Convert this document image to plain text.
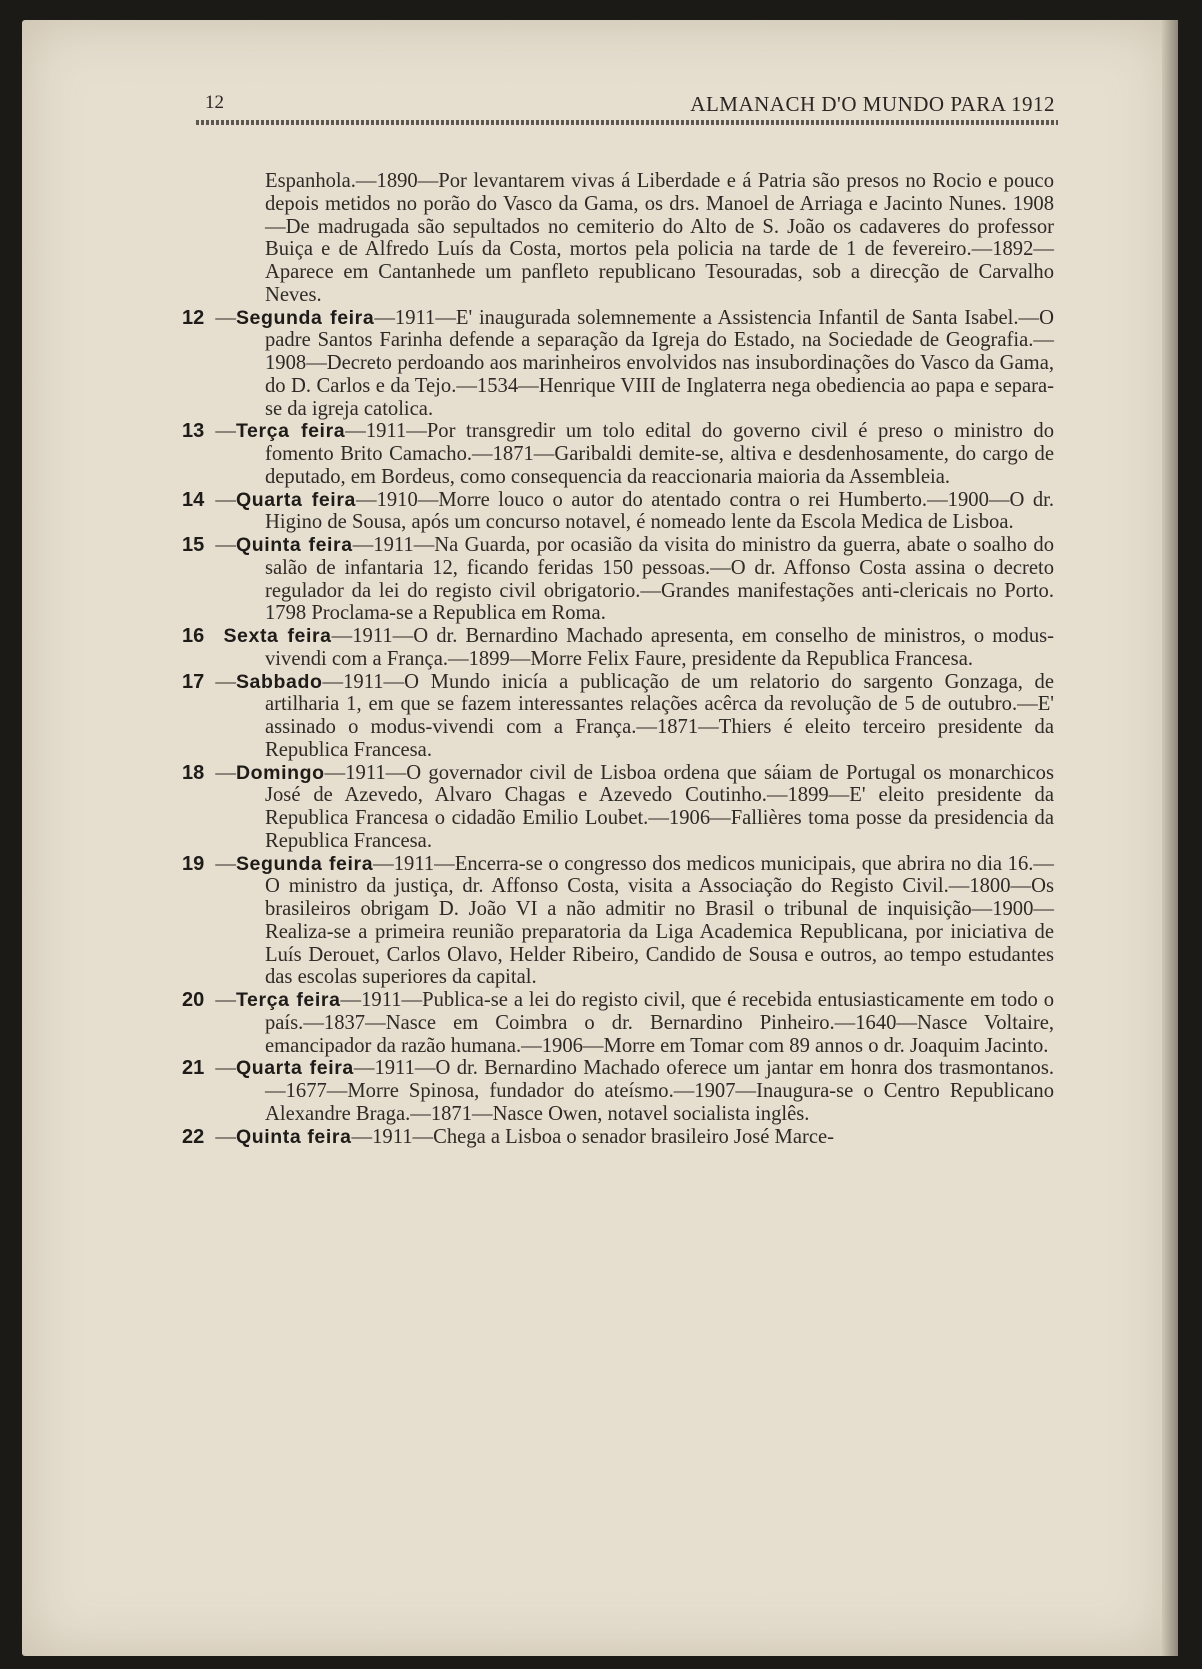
12	ALMANACH D'O MUNDO PARA 1912

Espanhola.—1890—Por levantarem vivas á Liberdade e á Patria são presos no Rocio e pouco depois metidos no porão do Vasco da Gama, os drs. Manoel de Arriaga e Jacinto Nunes. 1908—De madrugada são sepultados no cemiterio do Alto de S. João os cadaveres do professor Buiça e de Alfredo Luís da Costa, mortos pela policia na tarde de 1 de fevereiro.—1892—Aparece em Cantanhede um panfleto republicano Tesouradas, sob a direcção de Carvalho Neves.

12 —Segunda feira—1911—E' inaugurada solemnemente a Assistencia Infantil de Santa Isabel.—O padre Santos Farinha defende a separação da Igreja do Estado, na Sociedade de Geografia.—1908—Decreto perdoando aos marinheiros envolvidos nas insubordinações do Vasco da Gama, do D. Carlos e da Tejo.—1534—Henrique VIII de Inglaterra nega obediencia ao papa e separa-se da igreja catolica.

13 —Terça feira—1911—Por transgredir um tolo edital do governo civil é preso o ministro do fomento Brito Camacho.—1871—Garibaldi demite-se, altiva e desdenhosamente, do cargo de deputado, em Bordeus, como consequencia da reaccionaria maioria da Assembleia.

14 —Quarta feira—1910—Morre louco o autor do atentado contra o rei Humberto.—1900—O dr. Higino de Sousa, após um concurso notavel, é nomeado lente da Escola Medica de Lisboa.

15 —Quinta feira—1911—Na Guarda, por ocasião da visita do ministro da guerra, abate o soalho do salão de infantaria 12, ficando feridas 150 pessoas.—O dr. Affonso Costa assina o decreto regulador da lei do registo civil obrigatorio.—Grandes manifestações anti-clericais no Porto. 1798 Proclama-se a Republica em Roma.

16 Sexta feira—1911—O dr. Bernardino Machado apresenta, em conselho de ministros, o modus-vivendi com a França.—1899—Morre Felix Faure, presidente da Republica Francesa.

17 —Sabbado—1911—O Mundo inicía a publicação de um relatorio do sargento Gonzaga, de artilharia 1, em que se fazem interessantes relações acêrca da revolução de 5 de outubro.—E' assinado o modus-vivendi com a França.—1871—Thiers é eleito terceiro presidente da Republica Francesa.

18 —Domingo—1911—O governador civil de Lisboa ordena que sáiam de Portugal os monarchicos José de Azevedo, Alvaro Chagas e Azevedo Coutinho.—1899—E' eleito presidente da Republica Francesa o cidadão Emilio Loubet.—1906—Fallières toma posse da presidencia da Republica Francesa.

19 —Segunda feira—1911—Encerra-se o congresso dos medicos municipais, que abrira no dia 16.—O ministro da justiça, dr. Affonso Costa, visita a Associação do Registo Civil.—1800—Os brasileiros obrigam D. João VI a não admitir no Brasil o tribunal de inquisição—1900—Realiza-se a primeira reunião preparatoria da Liga Academica Republicana, por iniciativa de Luís Derouet, Carlos Olavo, Helder Ribeiro, Candido de Sousa e outros, ao tempo estudantes das escolas superiores da capital.

20 —Terça feira—1911—Publica-se a lei do registo civil, que é recebida entusiasticamente em todo o país.—1837—Nasce em Coimbra o dr. Bernardino Pinheiro.—1640—Nasce Voltaire, emancipador da razão humana.—1906—Morre em Tomar com 89 annos o dr. Joaquim Jacinto.

21 —Quarta feira—1911—O dr. Bernardino Machado oferece um jantar em honra dos trasmontanos.—1677—Morre Spinosa, fundador do ateísmo.—1907—Inaugura-se o Centro Republicano Alexandre Braga.—1871—Nasce Owen, notavel socialista inglês.

22 —Quinta feira—1911—Chega a Lisboa o senador brasileiro José Marce-
